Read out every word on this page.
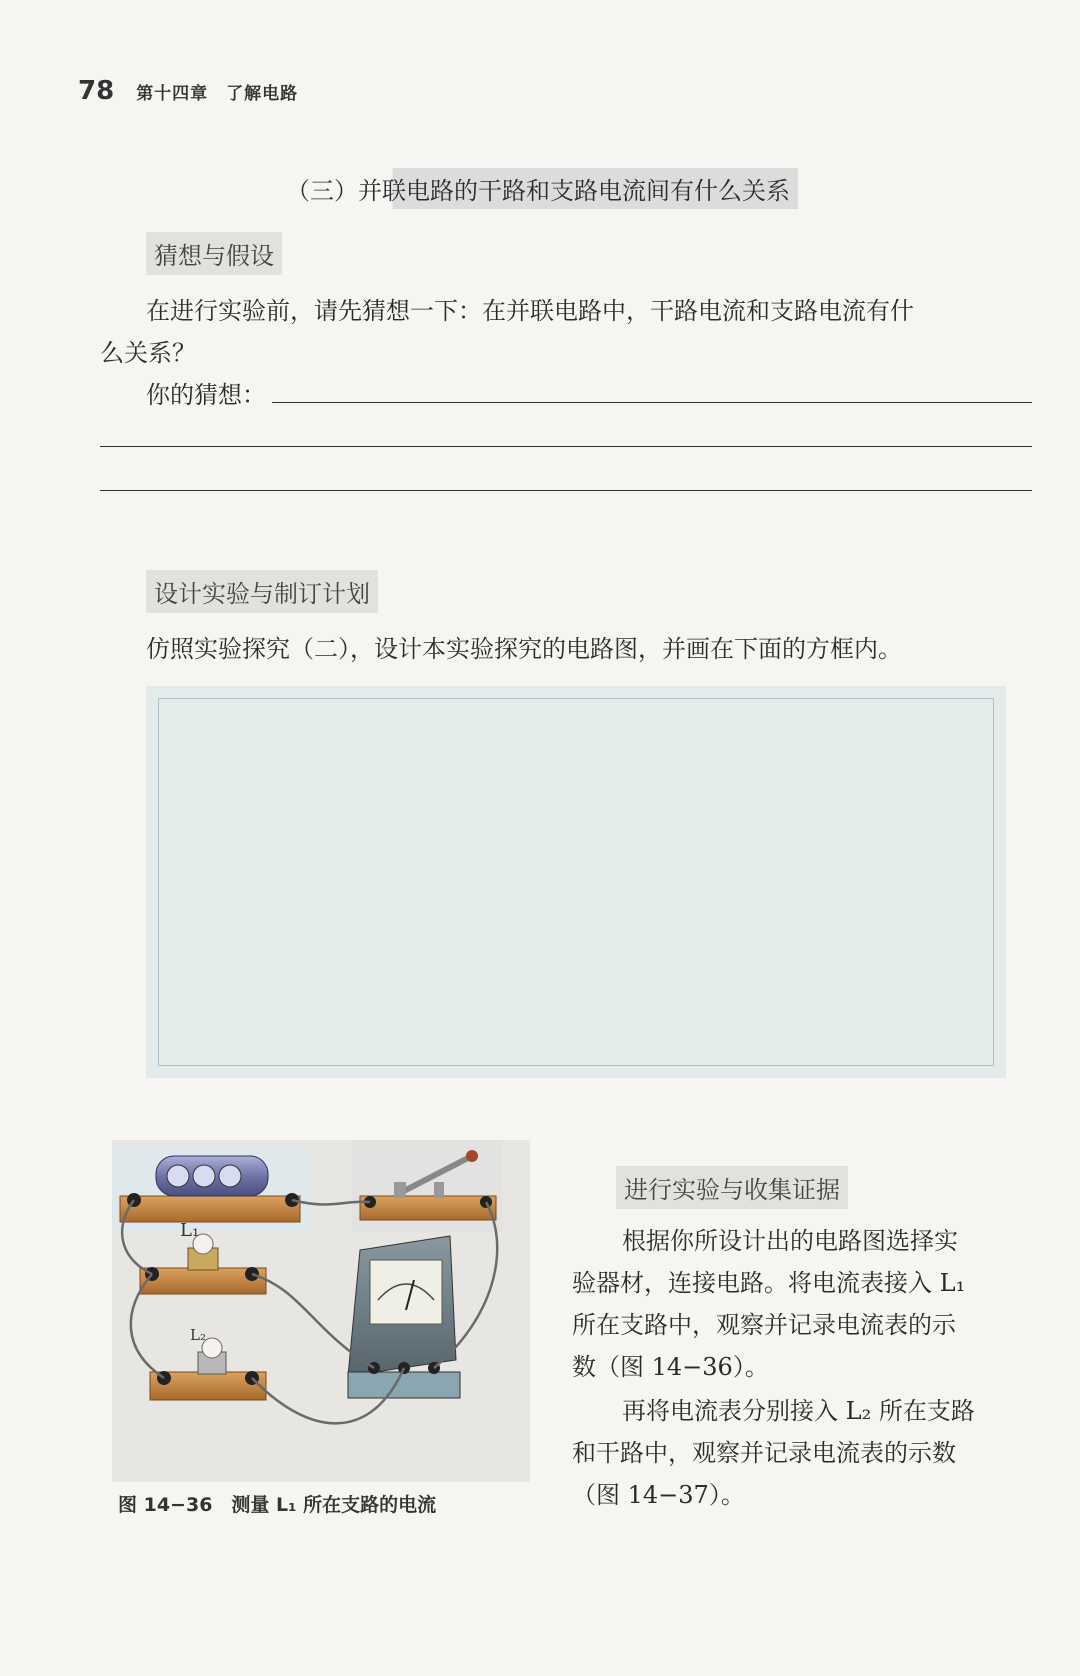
78 第十四章　了解电路
（三）并联电路的干路和支路电流间有什么关系
猜想与假设
在进行实验前，请先猜想一下：在并联电路中，干路电流和支路电流有什
么关系？
你的猜想：
设计实验与制订计划
仿照实验探究（二），设计本实验探究的电路图，并画在下面的方框内。
L₁
L₂
图 14−36　测量 L₁ 所在支路的电流
进行实验与收集证据
根据你所设计出的电路图选择实
验器材，连接电路。将电流表接入 L₁
所在支路中，观察并记录电流表的示
数（图 14−36）。
再将电流表分别接入 L₂ 所在支路
和干路中，观察并记录电流表的示数
（图 14−37）。
